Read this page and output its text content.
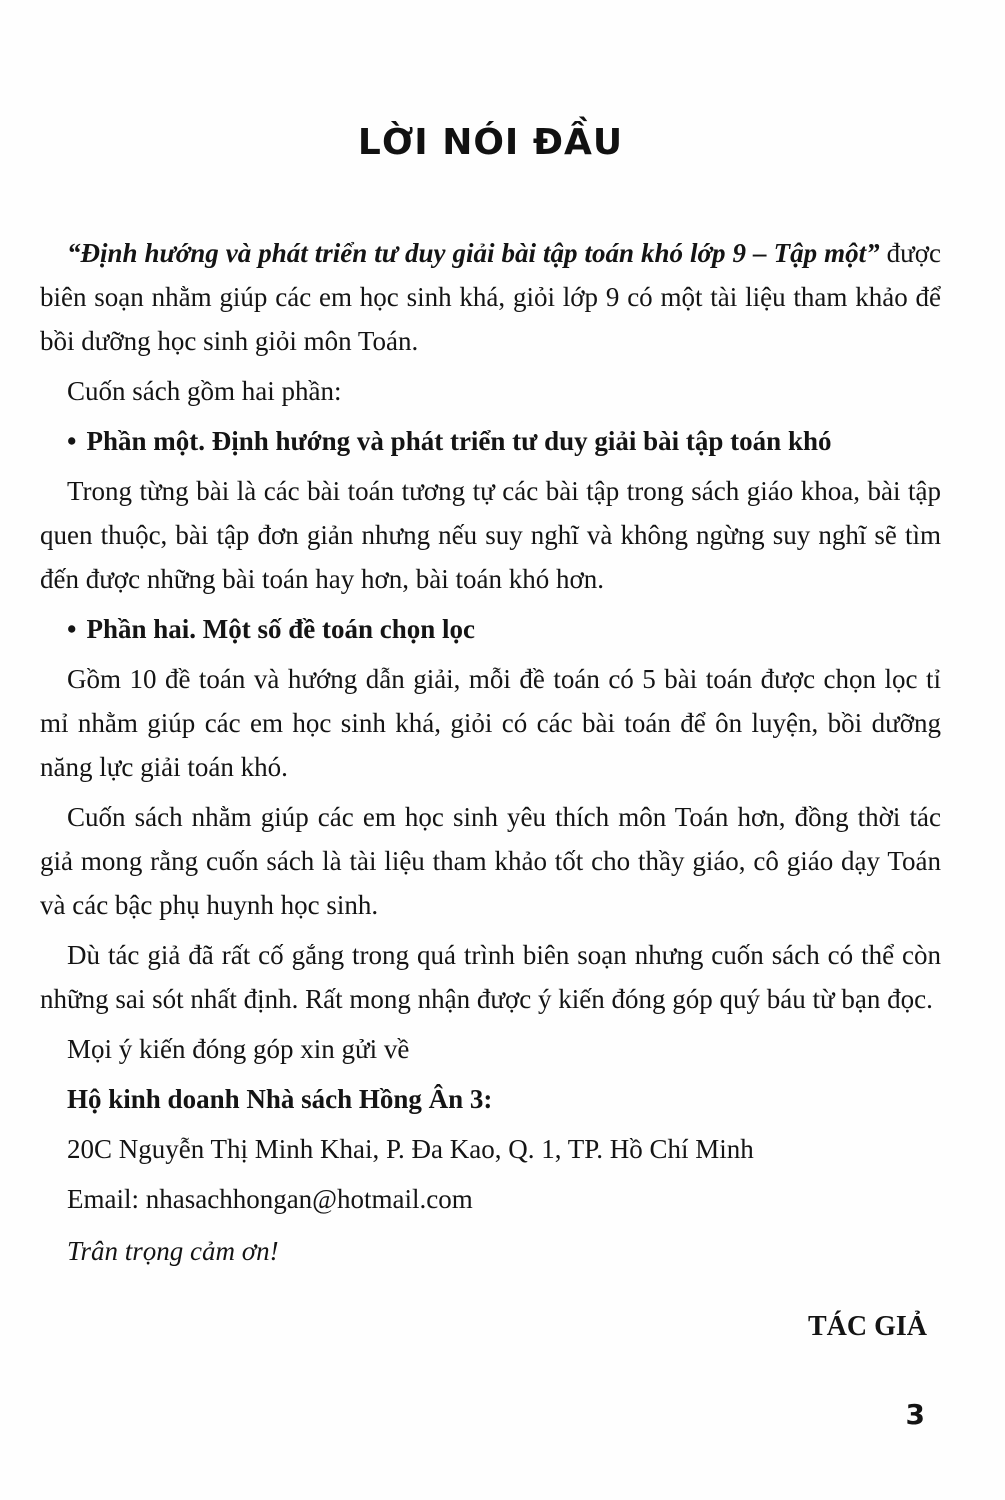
LỜI NÓI ĐẦU

“Định hướng và phát triển tư duy giải bài tập toán khó lớp 9 – Tập một” được biên soạn nhằm giúp các em học sinh khá, giỏi lớp 9 có một tài liệu tham khảo để bồi dưỡng học sinh giỏi môn Toán.

Cuốn sách gồm hai phần:

• Phần một. Định hướng và phát triển tư duy giải bài tập toán khó

Trong từng bài là các bài toán tương tự các bài tập trong sách giáo khoa, bài tập quen thuộc, bài tập đơn giản nhưng nếu suy nghĩ và không ngừng suy nghĩ sẽ tìm đến được những bài toán hay hơn, bài toán khó hơn.

• Phần hai. Một số đề toán chọn lọc

Gồm 10 đề toán và hướng dẫn giải, mỗi đề toán có 5 bài toán được chọn lọc tỉ mỉ nhằm giúp các em học sinh khá, giỏi có các bài toán để ôn luyện, bồi dưỡng năng lực giải toán khó.

Cuốn sách nhằm giúp các em học sinh yêu thích môn Toán hơn, đồng thời tác giả mong rằng cuốn sách là tài liệu tham khảo tốt cho thầy giáo, cô giáo dạy Toán và các bậc phụ huynh học sinh.

Dù tác giả đã rất cố gắng trong quá trình biên soạn nhưng cuốn sách có thể còn những sai sót nhất định. Rất mong nhận được ý kiến đóng góp quý báu từ bạn đọc.

Mọi ý kiến đóng góp xin gửi về

Hộ kinh doanh Nhà sách Hồng Ân 3:

20C Nguyễn Thị Minh Khai, P. Đa Kao, Q. 1, TP. Hồ Chí Minh

Email: nhasachhongan@hotmail.com

Trân trọng cảm ơn!

TÁC GIẢ

3
